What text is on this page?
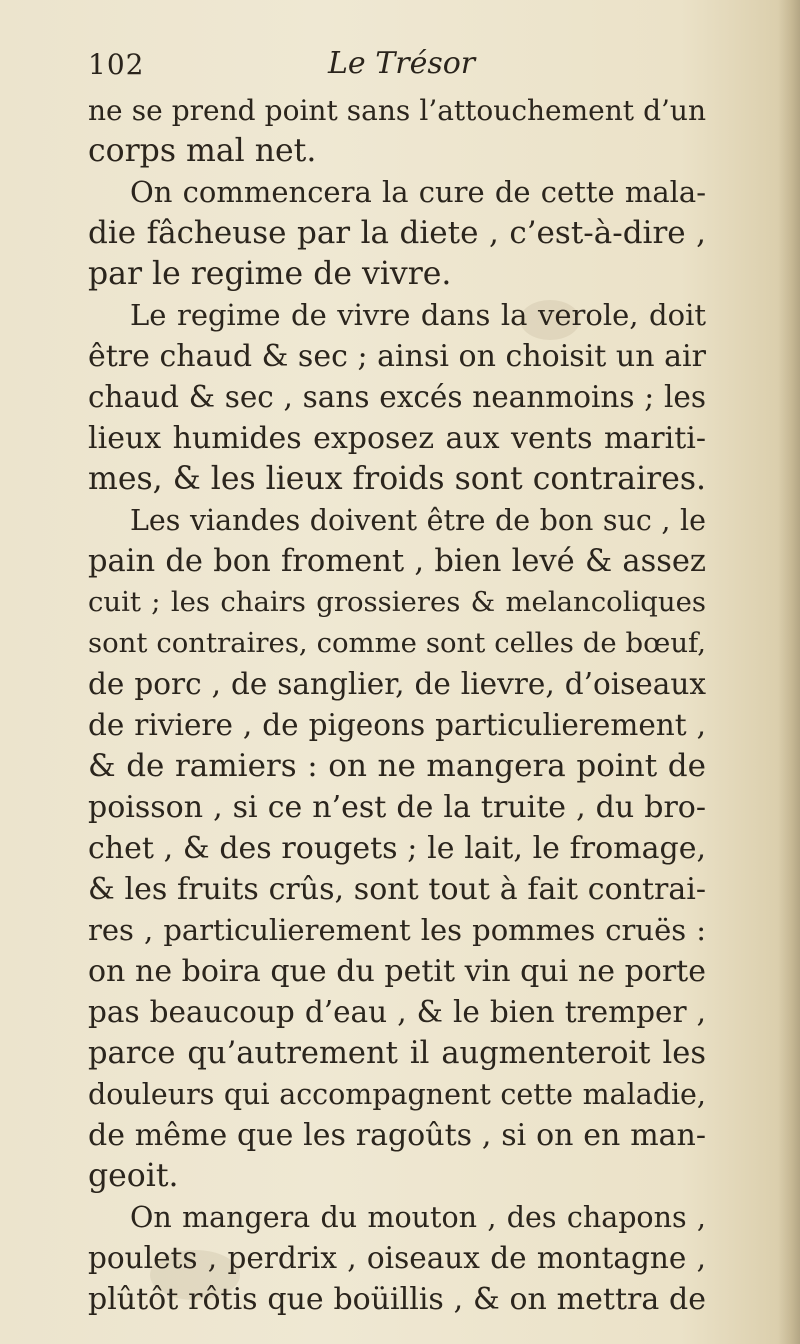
102	Le Trésor
ne se prend point sans l’attouchement d’un
corps mal net.
On commencera la cure de cette mala-
die fâcheuse par la diete , c’est-à-dire ,
par le regime de vivre.
Le regime de vivre dans la verole, doit
être chaud & sec ; ainsi on choisit un air
chaud & sec , sans excés neanmoins ; les
lieux humides exposez aux vents mariti-
mes, & les lieux froids sont contraires.
Les viandes doivent être de bon suc , le
pain de bon froment , bien levé & assez
cuit ; les chairs grossieres & melancoliques
sont contraires, comme sont celles de bœuf,
de porc , de sanglier, de lievre, d’oiseaux
de riviere , de pigeons particulierement ,
& de ramiers : on ne mangera point de
poisson , si ce n’est de la truite , du bro-
chet , & des rougets ; le lait, le fromage,
& les fruits crûs, sont tout à fait contrai-
res , particulierement les pommes cruës :
on ne boira que du petit vin qui ne porte
pas beaucoup d’eau , & le bien tremper ,
parce qu’autrement il augmenteroit les
douleurs qui accompagnent cette maladie,
de même que les ragoûts , si on en man-
geoit.
On mangera du mouton , des chapons ,
poulets , perdrix , oiseaux de montagne ,
plûtôt rôtis que boüillis , & on mettra de
